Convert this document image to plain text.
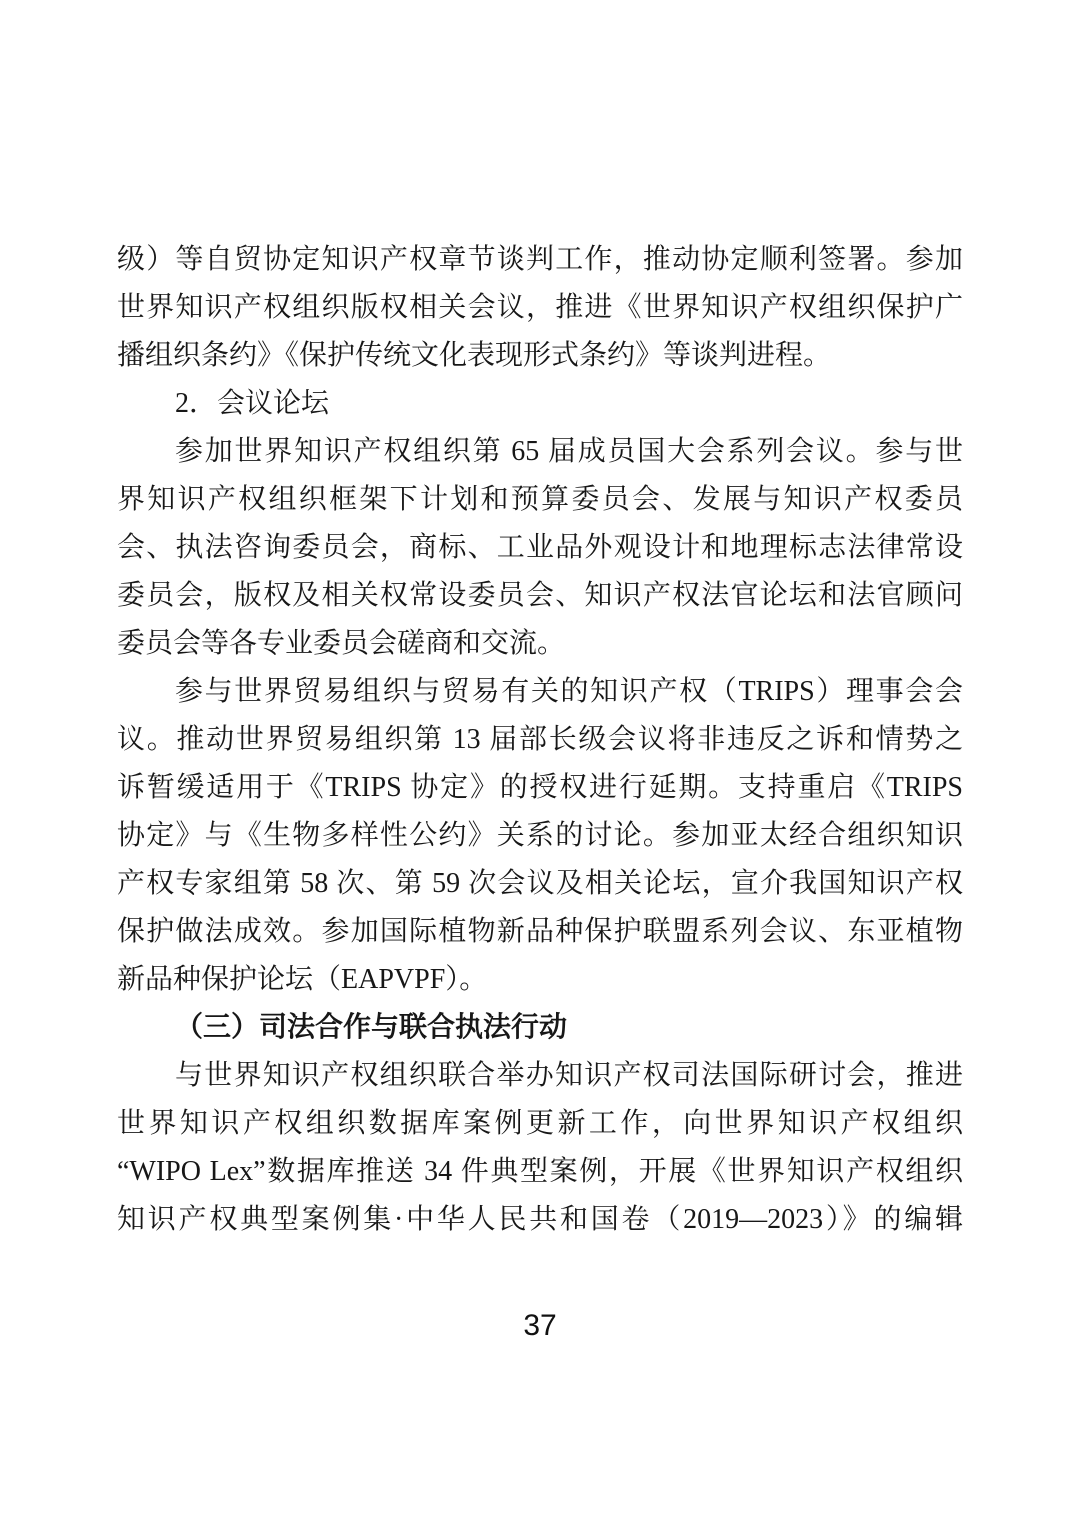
级）等自贸协定知识产权章节谈判工作，推动协定顺利签署。参加
世界知识产权组织版权相关会议，推进《世界知识产权组织保护广
播组织条约》《保护传统文化表现形式条约》等谈判进程。
2．会议论坛
参加世界知识产权组织第 65 届成员国大会系列会议。参与世
界知识产权组织框架下计划和预算委员会、发展与知识产权委员
会、执法咨询委员会，商标、工业品外观设计和地理标志法律常设
委员会，版权及相关权常设委员会、知识产权法官论坛和法官顾问
委员会等各专业委员会磋商和交流。
参与世界贸易组织与贸易有关的知识产权（TRIPS）理事会会
议。推动世界贸易组织第 13 届部长级会议将非违反之诉和情势之
诉暂缓适用于《TRIPS 协定》的授权进行延期。支持重启《TRIPS
协定》与《生物多样性公约》关系的讨论。参加亚太经合组织知识
产权专家组第 58 次、第 59 次会议及相关论坛，宣介我国知识产权
保护做法成效。参加国际植物新品种保护联盟系列会议、东亚植物
新品种保护论坛（EAPVPF）。
（三）司法合作与联合执法行动
与世界知识产权组织联合举办知识产权司法国际研讨会，推进
世界知识产权组织数据库案例更新工作，向世界知识产权组织
“WIPO Lex”数据库推送 34 件典型案例，开展《世界知识产权组织
知识产权典型案例集·中华人民共和国卷（2019—2023）》的编辑
37
